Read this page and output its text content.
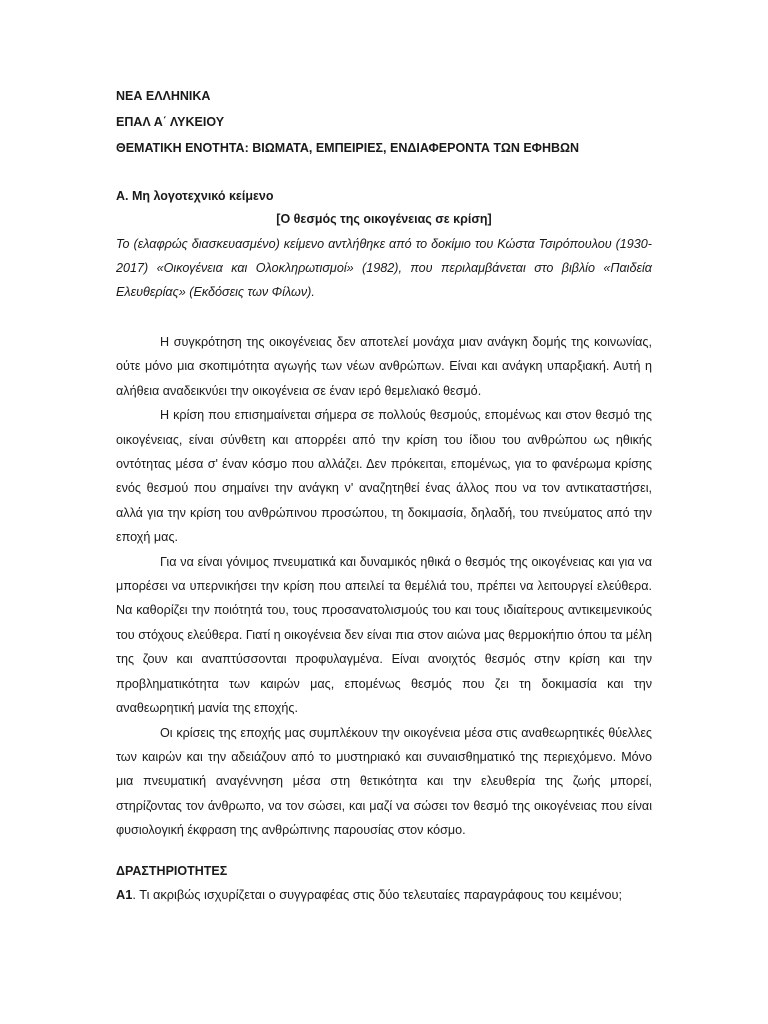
ΝΕΑ ΕΛΛΗΝΙΚΑ
ΕΠΑΛ Α΄ ΛΥΚΕΙΟΥ
ΘΕΜΑΤΙΚΗ ΕΝΟΤΗΤΑ: ΒΙΩΜΑΤΑ, ΕΜΠΕΙΡΙΕΣ, ΕΝΔΙΑΦΕΡΟΝΤΑ ΤΩΝ ΕΦΗΒΩΝ
Α. Μη λογοτεχνικό κείμενο
[Ο θεσμός της οικογένειας σε κρίση]
Το (ελαφρώς διασκευασμένο) κείμενο αντλήθηκε από το δοκίμιο του Κώστα Τσιρόπουλου (1930-2017) «Οικογένεια και Ολοκληρωτισμοί» (1982), που περιλαμβάνεται στο βιβλίο «Παιδεία Ελευθερίας» (Εκδόσεις των Φίλων).

Η συγκρότηση της οικογένειας δεν αποτελεί μονάχα μιαν ανάγκη δομής της κοινωνίας, ούτε μόνο μια σκοπιμότητα αγωγής των νέων ανθρώπων. Είναι και ανάγκη υπαρξιακή. Αυτή η αλήθεια αναδεικνύει την οικογένεια σε έναν ιερό θεμελιακό θεσμό.

Η κρίση που επισημαίνεται σήμερα σε πολλούς θεσμούς, επομένως και στον θεσμό της οικογένειας, είναι σύνθετη και απορρέει από την κρίση του ίδιου του ανθρώπου ως ηθικής οντότητας μέσα σ' έναν κόσμο που αλλάζει. Δεν πρόκειται, επομένως, για το φανέρωμα κρίσης ενός θεσμού που σημαίνει την ανάγκη ν' αναζητηθεί ένας άλλος που να τον αντικαταστήσει, αλλά για την κρίση του ανθρώπινου προσώπου, τη δοκιμασία, δηλαδή, του πνεύματος από την εποχή μας.

Για να είναι γόνιμος πνευματικά και δυναμικός ηθικά ο θεσμός της οικογένειας και για να μπορέσει να υπερνικήσει την κρίση που απειλεί τα θεμέλιά του, πρέπει να λειτουργεί ελεύθερα. Να καθορίζει την ποιότητά του, τους προσανατολισμούς του και τους ιδιαίτερους αντικειμενικούς του στόχους ελεύθερα. Γιατί η οικογένεια δεν είναι πια στον αιώνα μας θερμοκήπιο όπου τα μέλη της ζουν και αναπτύσσονται προφυλαγμένα. Είναι ανοιχτός θεσμός στην κρίση και την προβληματικότητα των καιρών μας, επομένως θεσμός που ζει τη δοκιμασία και την αναθεωρητική μανία της εποχής.

Οι κρίσεις της εποχής μας συμπλέκουν την οικογένεια μέσα στις αναθεωρητικές θύελλες των καιρών και την αδειάζουν από το μυστηριακό και συναισθηματικό της περιεχόμενο. Μόνο μια πνευματική αναγέννηση μέσα στη θετικότητα και την ελευθερία της ζωής μπορεί, στηρίζοντας τον άνθρωπο, να τον σώσει, και μαζί να σώσει τον θεσμό της οικογένειας που είναι φυσιολογική έκφραση της ανθρώπινης παρουσίας στον κόσμο.

ΔΡΑΣΤΗΡΙΟΤΗΤΕΣ
Α1. Τι ακριβώς ισχυρίζεται ο συγγραφέας στις δύο τελευταίες παραγράφους του κειμένου;
